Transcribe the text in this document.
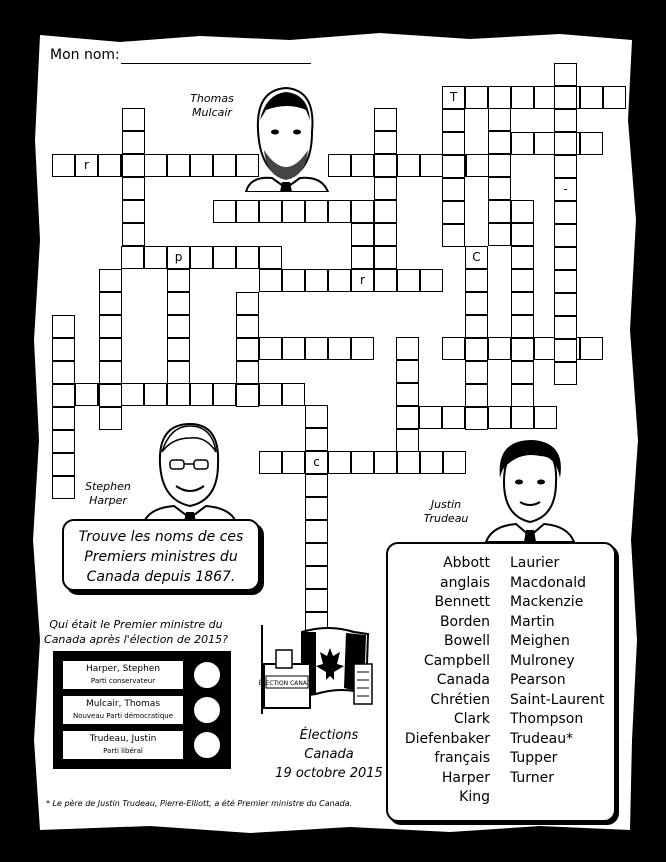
Mon nom:
Thomas
Mulcair
Stephen
Harper	Justin
Trudeau
T
r
p
r
c
-
C
Trouve les noms de ces
Premiers ministres du
Canada depuis 1867.
Abbott
anglais
Bennett
Borden
Bowell
Campbell
Canada
Chrétien
Clark
Diefenbaker
français
Harper
King
Laurier
Macdonald
Mackenzie
Martin
Meighen
Mulroney
Pearson
Saint-Laurent
Thompson
Trudeau*
Tupper
Turner
Qui était le Premier ministre du
Canada après l'élection de 2015?
Harper, Stephen
Parti conservateur
Mulcair, Thomas
Nouveau Parti démocratique
Trudeau, Justin
Parti libéral
ÉLECTION CANADA
Élections
Canada
19 octobre 2015
* Le père de Justin Trudeau, Pierre-Elliott, a été Premier ministre du Canada.
